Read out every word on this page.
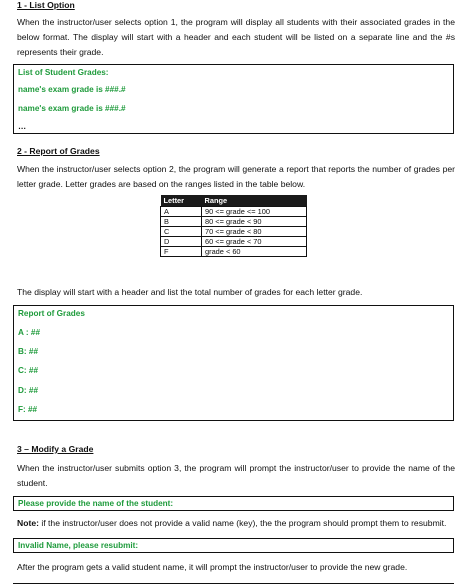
1 - List Option
When the instructor/user selects option 1, the program will display all students with their associated grades in the below format. The display will start with a header and each student will be listed on a separate line and the #s represents their grade.
List of Student Grades:
name's exam grade is ###.#
name's exam grade is ###.#
…
2 - Report of Grades
When the instructor/user selects option 2, the program will generate a report that reports the number of grades per letter grade. Letter grades are based on the ranges listed in the table below.
Letter	Range
A	90 <= grade <= 100
B	80 <= grade < 90
C	70 <= grade < 80
D	60 <= grade < 70
F	grade < 60
The display will start with a header and list the total number of grades for each letter grade.
Report of Grades
A : ##
B: ##
C: ##
D: ##
F: ##
3 – Modify a Grade
When the instructor/user submits option 3, the program will prompt the instructor/user to provide the name of the student.
Please provide the name of the student:
Note: if the instructor/user does not provide a valid name (key), the the program should prompt them to resubmit.
Invalid Name, please resubmit:
After the program gets a valid student name, it will prompt the instructor/user to provide the new grade.
